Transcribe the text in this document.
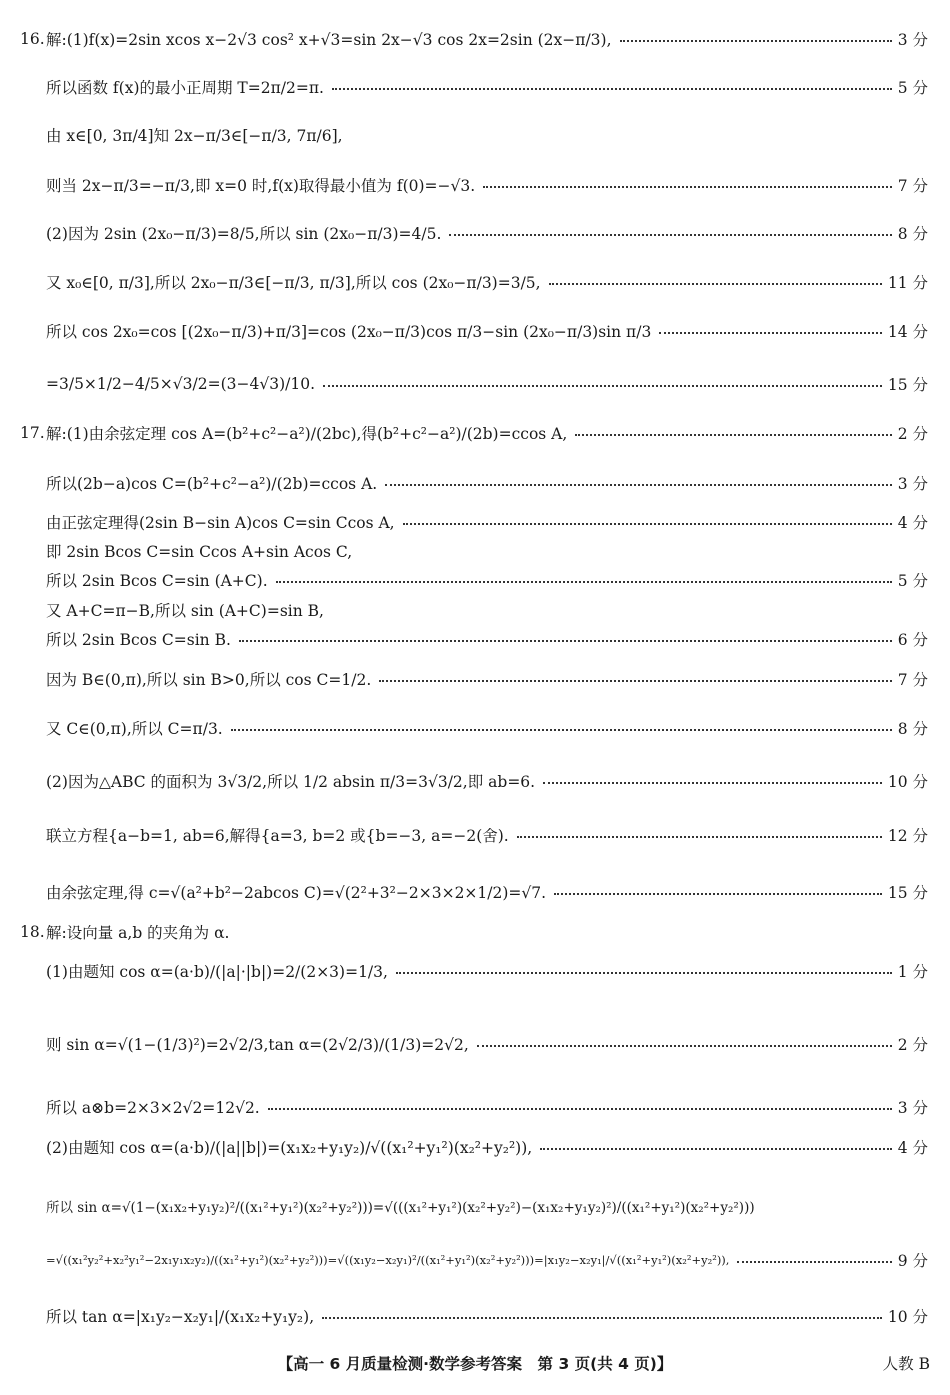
16. 解:(1)f(x)=2sin xcos x−2√3 cos² x+√3=sin 2x−√3 cos 2x=2sin (2x−π/3),	3 分
所以函数 f(x)的最小正周期 T=2π/2=π.	5 分
由 x∈[0, 3π/4]知 2x−π/3∈[−π/3, 7π/6],
则当 2x−π/3=−π/3,即 x=0 时,f(x)取得最小值为 f(0)=−√3.	7 分
(2)因为 2sin (2x₀−π/3)=8/5,所以 sin (2x₀−π/3)=4/5.	8 分
又 x₀∈[0, π/3],所以 2x₀−π/3∈[−π/3, π/3],所以 cos (2x₀−π/3)=3/5,	11 分
所以 cos 2x₀=cos [(2x₀−π/3)+π/3]=cos (2x₀−π/3)cos π/3−sin (2x₀−π/3)sin π/3	14 分
=3/5×1/2−4/5×√3/2=(3−4√3)/10.	15 分
17. 解:(1)由余弦定理 cos A=(b²+c²−a²)/(2bc),得(b²+c²−a²)/(2b)=ccos A,	2 分
所以(2b−a)cos C=(b²+c²−a²)/(2b)=ccos A.	3 分
由正弦定理得(2sin B−sin A)cos C=sin Ccos A,	4 分
即 2sin Bcos C=sin Ccos A+sin Acos C,
所以 2sin Bcos C=sin (A+C).	5 分
又 A+C=π−B,所以 sin (A+C)=sin B,
所以 2sin Bcos C=sin B.	6 分
因为 B∈(0,π),所以 sin B>0,所以 cos C=1/2.	7 分
又 C∈(0,π),所以 C=π/3.	8 分
(2)因为△ABC 的面积为 3√3/2,所以 1/2 absin π/3=3√3/2,即 ab=6.	10 分
联立方程{a−b=1, ab=6,解得{a=3, b=2 或{b=−3, a=−2(舍).	12 分
由余弦定理,得 c=√(a²+b²−2abcos C)=√(2²+3²−2×3×2×1/2)=√7.	15 分
18. 解:设向量 a,b 的夹角为 α.
(1)由题知 cos α=(a·b)/(|a|·|b|)=2/(2×3)=1/3,	1 分
则 sin α=√(1−(1/3)²)=2√2/3,tan α=(2√2/3)/(1/3)=2√2,	2 分
所以 a⊗b=2×3×2√2=12√2.	3 分
(2)由题知 cos α=(a·b)/(|a||b|)=(x₁x₂+y₁y₂)/√((x₁²+y₁²)(x₂²+y₂²)),	4 分
所以 sin α=√(1−(x₁x₂+y₁y₂)²/((x₁²+y₁²)(x₂²+y₂²)))=√(((x₁²+y₁²)(x₂²+y₂²)−(x₁x₂+y₁y₂)²)/((x₁²+y₁²)(x₂²+y₂²)))
=√((x₁²y₂²+x₂²y₁²−2x₁y₁x₂y₂)/((x₁²+y₁²)(x₂²+y₂²)))=√((x₁y₂−x₂y₁)²/((x₁²+y₁²)(x₂²+y₂²)))=|x₁y₂−x₂y₁|/√((x₁²+y₁²)(x₂²+y₂²)),	9 分
所以 tan α=|x₁y₂−x₂y₁|/(x₁x₂+y₁y₂),	10 分
【高一 6 月质量检测·数学参考答案　第 3 页(共 4 页)】	人教 B
